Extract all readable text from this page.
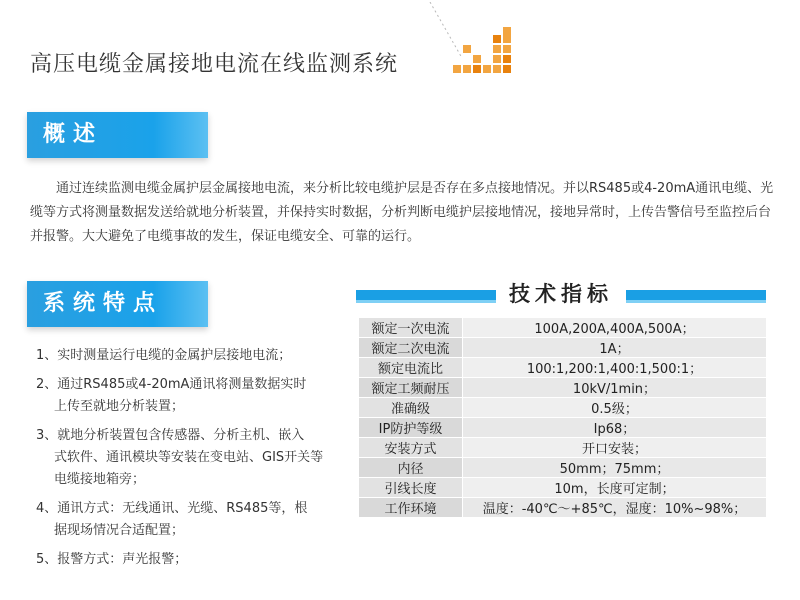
高压电缆金属接地电流在线监测系统
概述

通过连续监测电缆金属护层金属接地电流，来分析比较电缆护层是否存在多点接地情况。并以RS485或4-20mA通讯电缆、光缆等方式将测量数据发送给就地分析装置，并保持实时数据，分析判断电缆护层接地情况，接地异常时，上传告警信号至监控后台并报警。大大避免了电缆事故的发生，保证电缆安全、可靠的运行。

系统特点
1、实时测量运行电缆的金属护层接地电流；
2、通过RS485或4-20mA通讯将测量数据实时
上传至就地分析装置；
3、就地分析装置包含传感器、分析主机、嵌入
式软件、通讯模块等安装在变电站、GIS开关等电缆接地箱旁；
4、通讯方式：无线通讯、光缆、RS485等，根
据现场情况合适配置；
5、报警方式：声光报警；
技术指标
额定一次电流	100A,200A,400A,500A；
额定二次电流	1A；
额定电流比	100:1,200:1,400:1,500:1；
额定工频耐压	10kV/1min；
准确级	0.5级；
IP防护等级	Ip68；
安装方式	开口安装；
内径	50mm；75mm；
引线长度	10m，长度可定制；
工作环境	温度：-40℃～+85℃，湿度：10%~98%；
